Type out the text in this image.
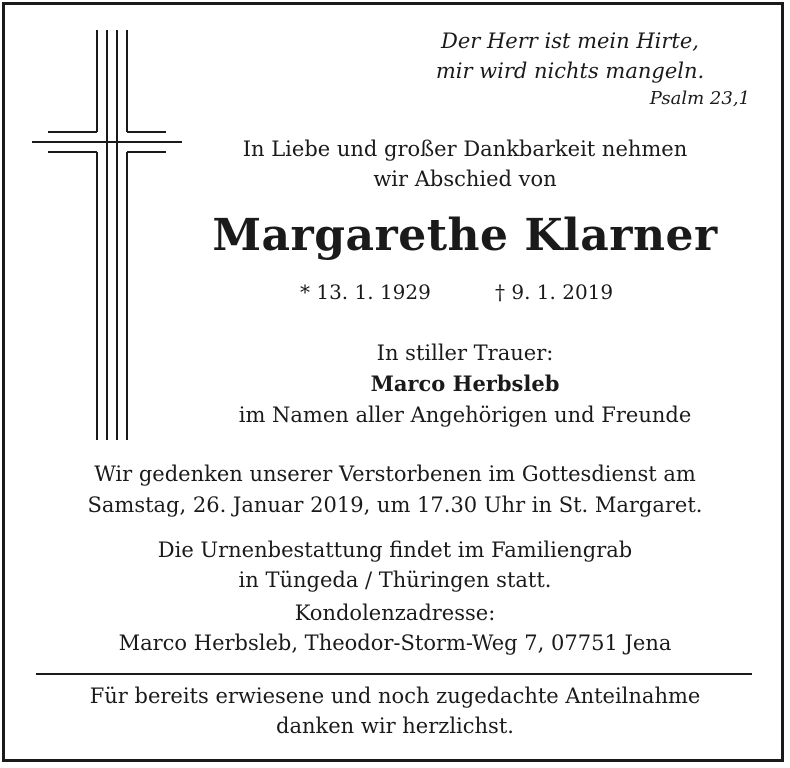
Der Herr ist mein Hirte,
mir wird nichts mangeln.
Psalm 23,1
In Liebe und großer Dankbarkeit nehmen
wir Abschied von
Margarethe Klarner
* 13. 1. 1929	† 9. 1. 2019
In stiller Trauer:
Marco Herbsleb
im Namen aller Angehörigen und Freunde
Wir gedenken unserer Verstorbenen im Gottesdienst am
Samstag, 26. Januar 2019, um 17.30 Uhr in St. Margaret.
Die Urnenbestattung findet im Familiengrab
in Tüngeda / Thüringen statt.
Kondolenzadresse:
Marco Herbsleb, Theodor-Storm-Weg 7, 07751 Jena
Für bereits erwiesene und noch zugedachte Anteilnahme
danken wir herzlichst.
